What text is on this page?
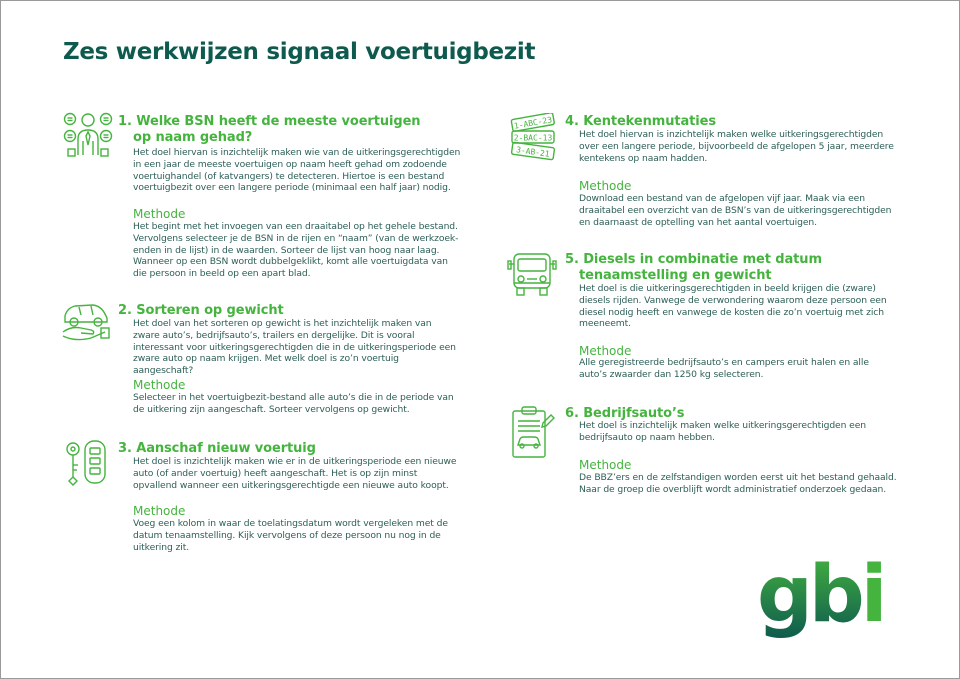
Zes werkwijzen signaal voertuigbezit
1. Welke BSN heeft de meeste voertuigen
op naam gehad?
Het doel hiervan is inzichtelijk maken wie van de uitkeringsgerechtigden in een jaar de meeste voertuigen op naam heeft gehad om zodoende voertuighandel (of katvangers) te detecteren. Hiertoe is een bestand voertuigbezit over een langere periode (minimaal een half jaar) nodig.
Methode
Het begint met het invoegen van een draaitabel op het gehele bestand. Vervolgens selecteer je de BSN in de rijen en “naam” (van de werkzoek-enden in de lijst) in de waarden. Sorteer de lijst van hoog naar laag. Wanneer op een BSN wordt dubbelgeklikt, komt alle voertuigdata van die persoon in beeld op een apart blad.
2. Sorteren op gewicht
Het doel van het sorteren op gewicht is het inzichtelijk maken van zware auto’s, bedrijfsauto’s, trailers en dergelijke. Dit is vooral interessant voor uitkeringsgerechtigden die in de uitkeringsperiode een zware auto op naam krijgen. Met welk doel is zo’n voertuig aangeschaft?
Methode
Selecteer in het voertuigbezit-bestand alle auto’s die in de periode van de uitkering zijn aangeschaft. Sorteer vervolgens op gewicht.
3. Aanschaf nieuw voertuig
Het doel is inzichtelijk maken wie er in de uitkeringsperiode een nieuwe auto (of ander voertuig) heeft aangeschaft. Het is op zijn minst opvallend wanneer een uitkeringsgerechtigde een nieuwe auto koopt.
Methode
Voeg een kolom in waar de toelatingsdatum wordt vergeleken met de datum tenaamstelling. Kijk vervolgens of deze persoon nu nog in de uitkering zit.
1-ABC-23
2-BAC-13
3-AB-21
4. Kentekenmutaties
Het doel hiervan is inzichtelijk maken welke uitkeringsgerechtigden over een langere periode, bijvoorbeeld de afgelopen 5 jaar, meerdere kentekens op naam hadden.
Methode
Download een bestand van de afgelopen vijf jaar. Maak via een draaitabel een overzicht van de BSN’s van de uitkeringsgerechtigden en daarnaast de optelling van het aantal voertuigen.
5. Diesels in combinatie met datum
tenaamstelling en gewicht
Het doel is die uitkeringsgerechtigden in beeld krijgen die (zware) diesels rijden. Vanwege de verwondering waarom deze persoon een diesel nodig heeft en vanwege de kosten die zo’n voertuig met zich meeneemt.
Methode
Alle geregistreerde bedrijfsauto’s en campers eruit halen en alle auto’s zwaarder dan 1250 kg selecteren.
6. Bedrijfsauto’s
Het doel is inzichtelijk maken welke uitkeringsgerechtigden een bedrijfsauto op naam hebben.
Methode
De BBZ’ers en de zelfstandigen worden eerst uit het bestand gehaald. Naar de groep die overblijft wordt administratief onderzoek gedaan.
gbi
